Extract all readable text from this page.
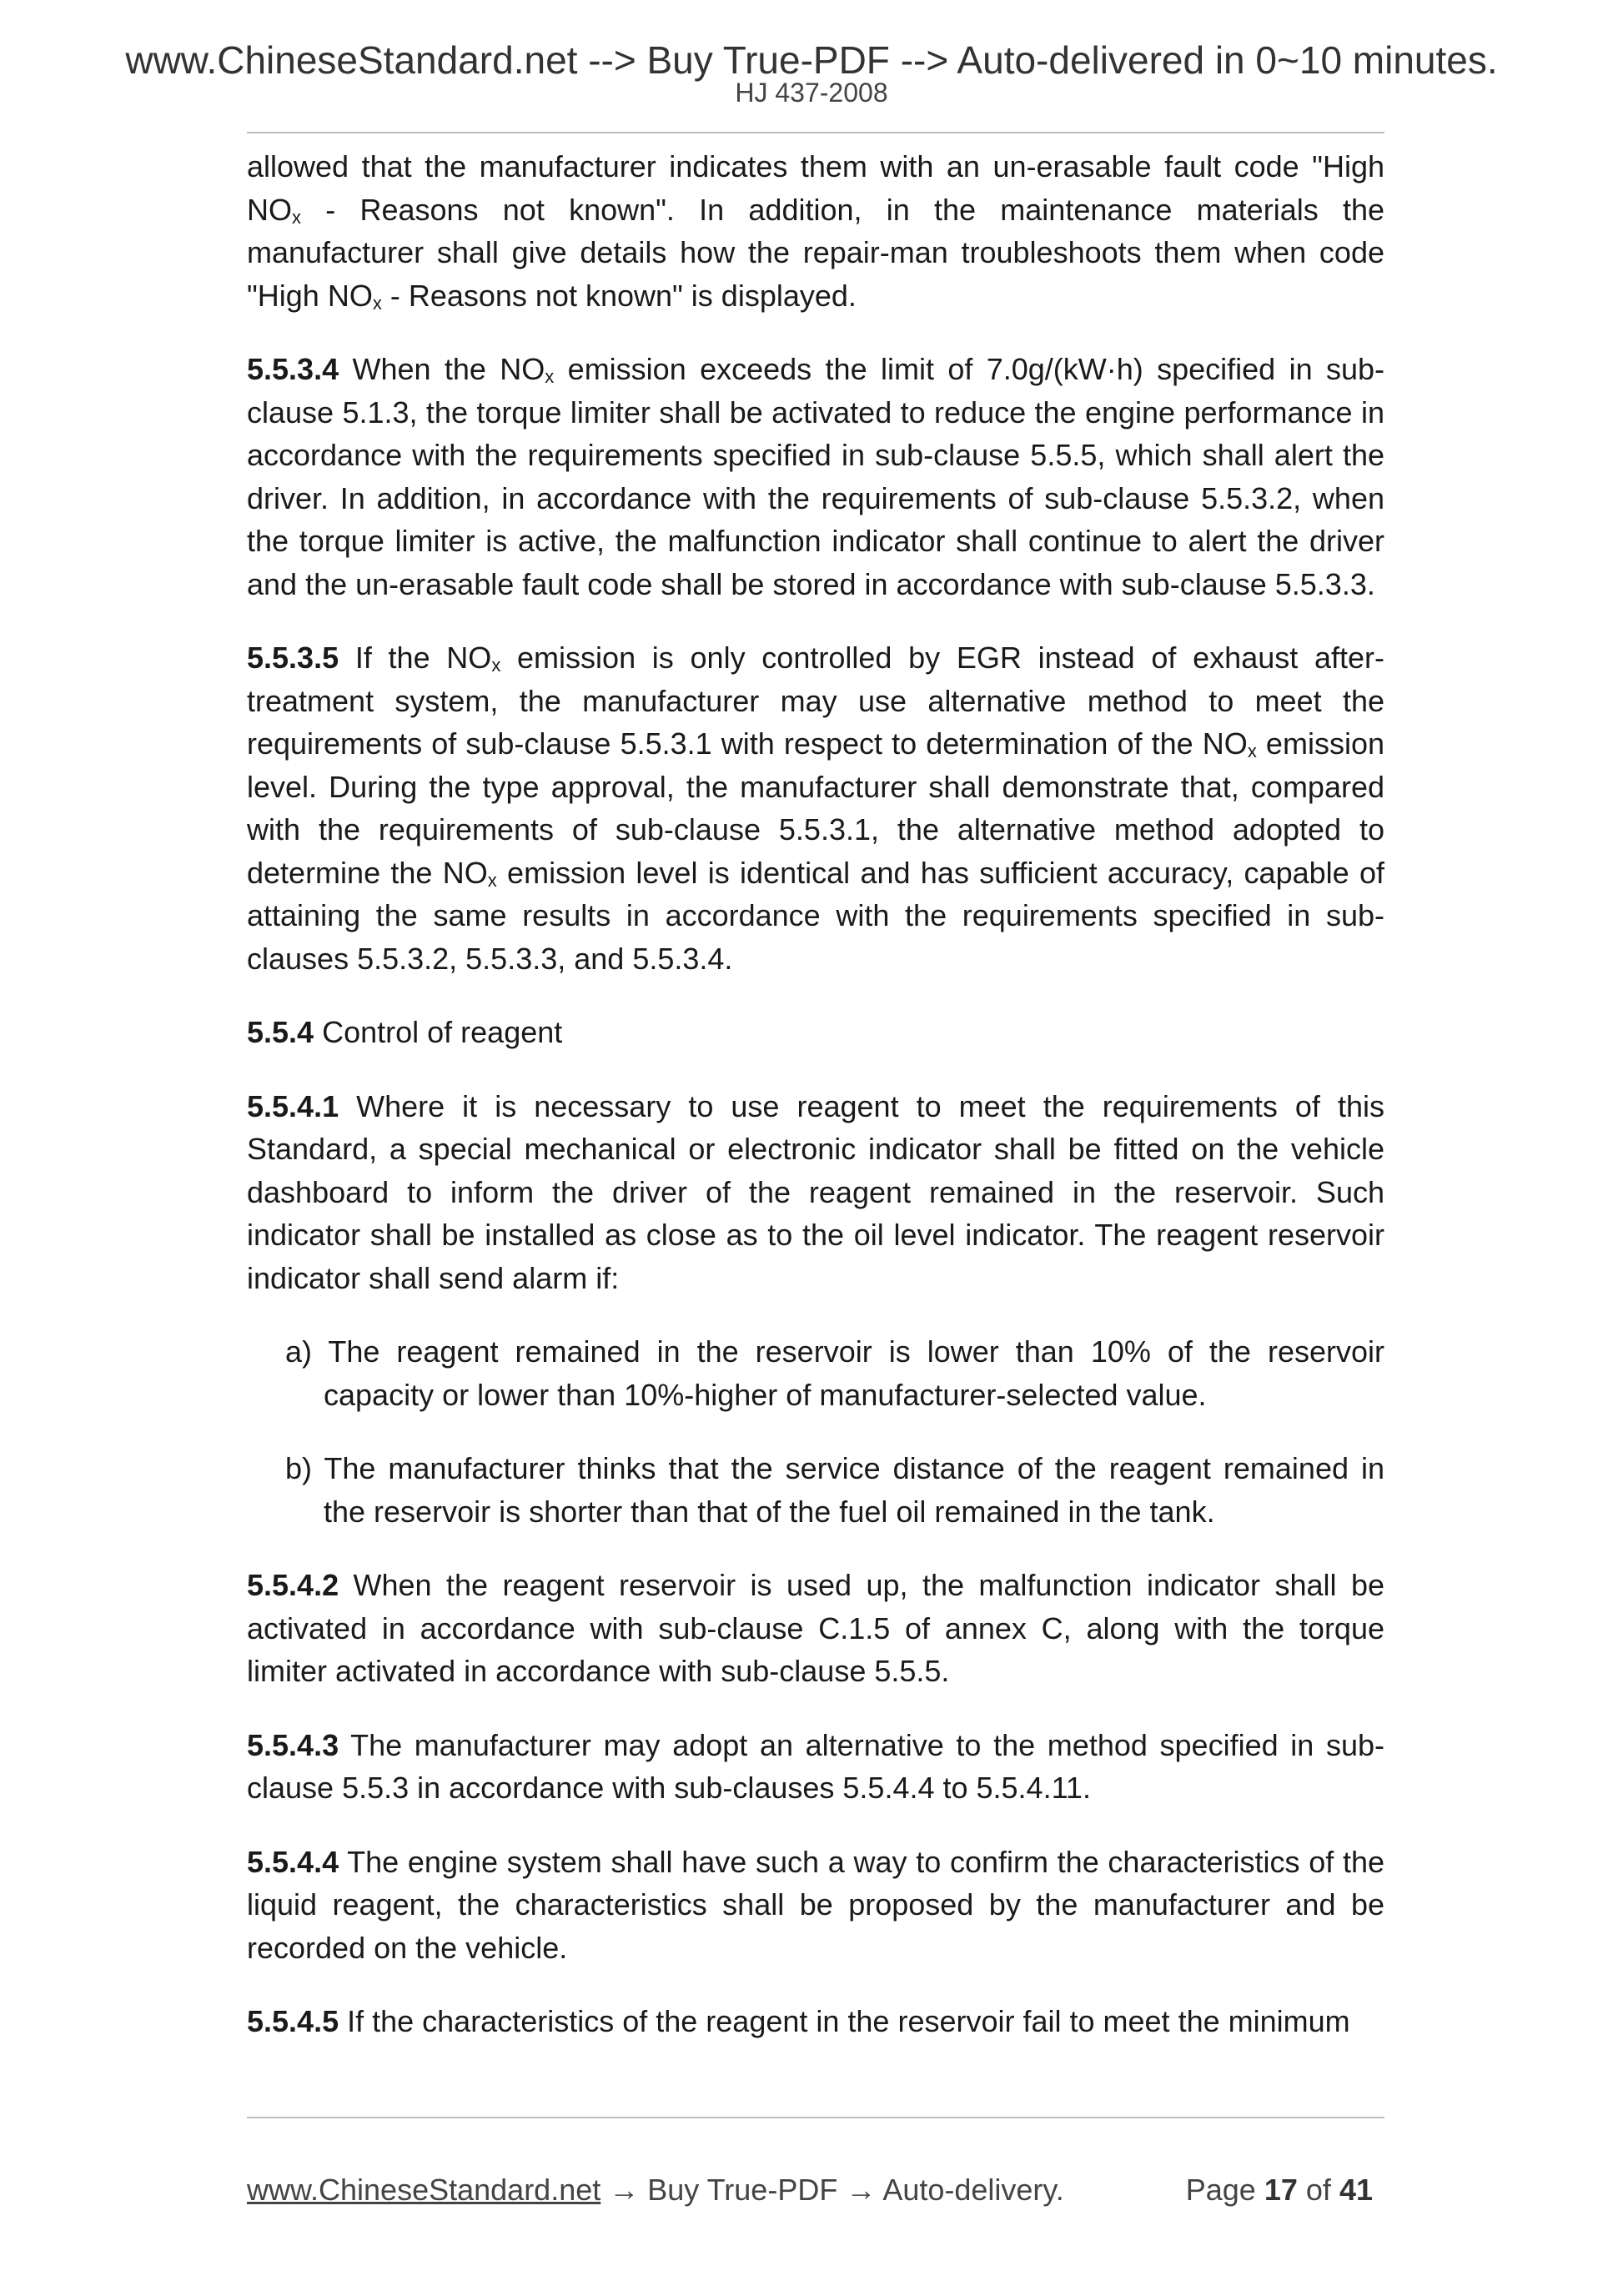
www.ChineseStandard.net --> Buy True-PDF --> Auto-delivered in 0~10 minutes.
HJ 437-2008

allowed that the manufacturer indicates them with an un-erasable fault code "High $NO_x$ - Reasons not known". In addition, in the maintenance materials the manufacturer shall give details how the repair-man troubleshoots them when code "High $NO_x$ - Reasons not known" is displayed.

5.5.3.4 When the $NO_x$ emission exceeds the limit of 7.0g/(kW·h) specified in sub-clause 5.1.3, the torque limiter shall be activated to reduce the engine performance in accordance with the requirements specified in sub-clause 5.5.5, which shall alert the driver. In addition, in accordance with the requirements of sub-clause 5.5.3.2, when the torque limiter is active, the malfunction indicator shall continue to alert the driver and the un-erasable fault code shall be stored in accordance with sub-clause 5.5.3.3.

5.5.3.5 If the $NO_x$ emission is only controlled by EGR instead of exhaust after-treatment system, the manufacturer may use alternative method to meet the requirements of sub-clause 5.5.3.1 with respect to determination of the $NO_x$ emission level. During the type approval, the manufacturer shall demonstrate that, compared with the requirements of sub-clause 5.5.3.1, the alternative method adopted to determine the $NO_x$ emission level is identical and has sufficient accuracy, capable of attaining the same results in accordance with the requirements specified in sub-clauses 5.5.3.2, 5.5.3.3, and 5.5.3.4.

5.5.4 Control of reagent

5.5.4.1 Where it is necessary to use reagent to meet the requirements of this Standard, a special mechanical or electronic indicator shall be fitted on the vehicle dashboard to inform the driver of the reagent remained in the reservoir. Such indicator shall be installed as close as to the oil level indicator. The reagent reservoir indicator shall send alarm if:

a) The reagent remained in the reservoir is lower than 10% of the reservoir capacity or lower than 10%-higher of manufacturer-selected value.

b) The manufacturer thinks that the service distance of the reagent remained in the reservoir is shorter than that of the fuel oil remained in the tank.

5.5.4.2 When the reagent reservoir is used up, the malfunction indicator shall be activated in accordance with sub-clause C.1.5 of annex C, along with the torque limiter activated in accordance with sub-clause 5.5.5.

5.5.4.3 The manufacturer may adopt an alternative to the method specified in sub-clause 5.5.3 in accordance with sub-clauses 5.5.4.4 to 5.5.4.11.

5.5.4.4 The engine system shall have such a way to confirm the characteristics of the liquid reagent, the characteristics shall be proposed by the manufacturer and be recorded on the vehicle.

5.5.4.5 If the characteristics of the reagent in the reservoir fail to meet the minimum

www.ChineseStandard.net → Buy True-PDF → Auto-delivery.	Page 17 of 41
